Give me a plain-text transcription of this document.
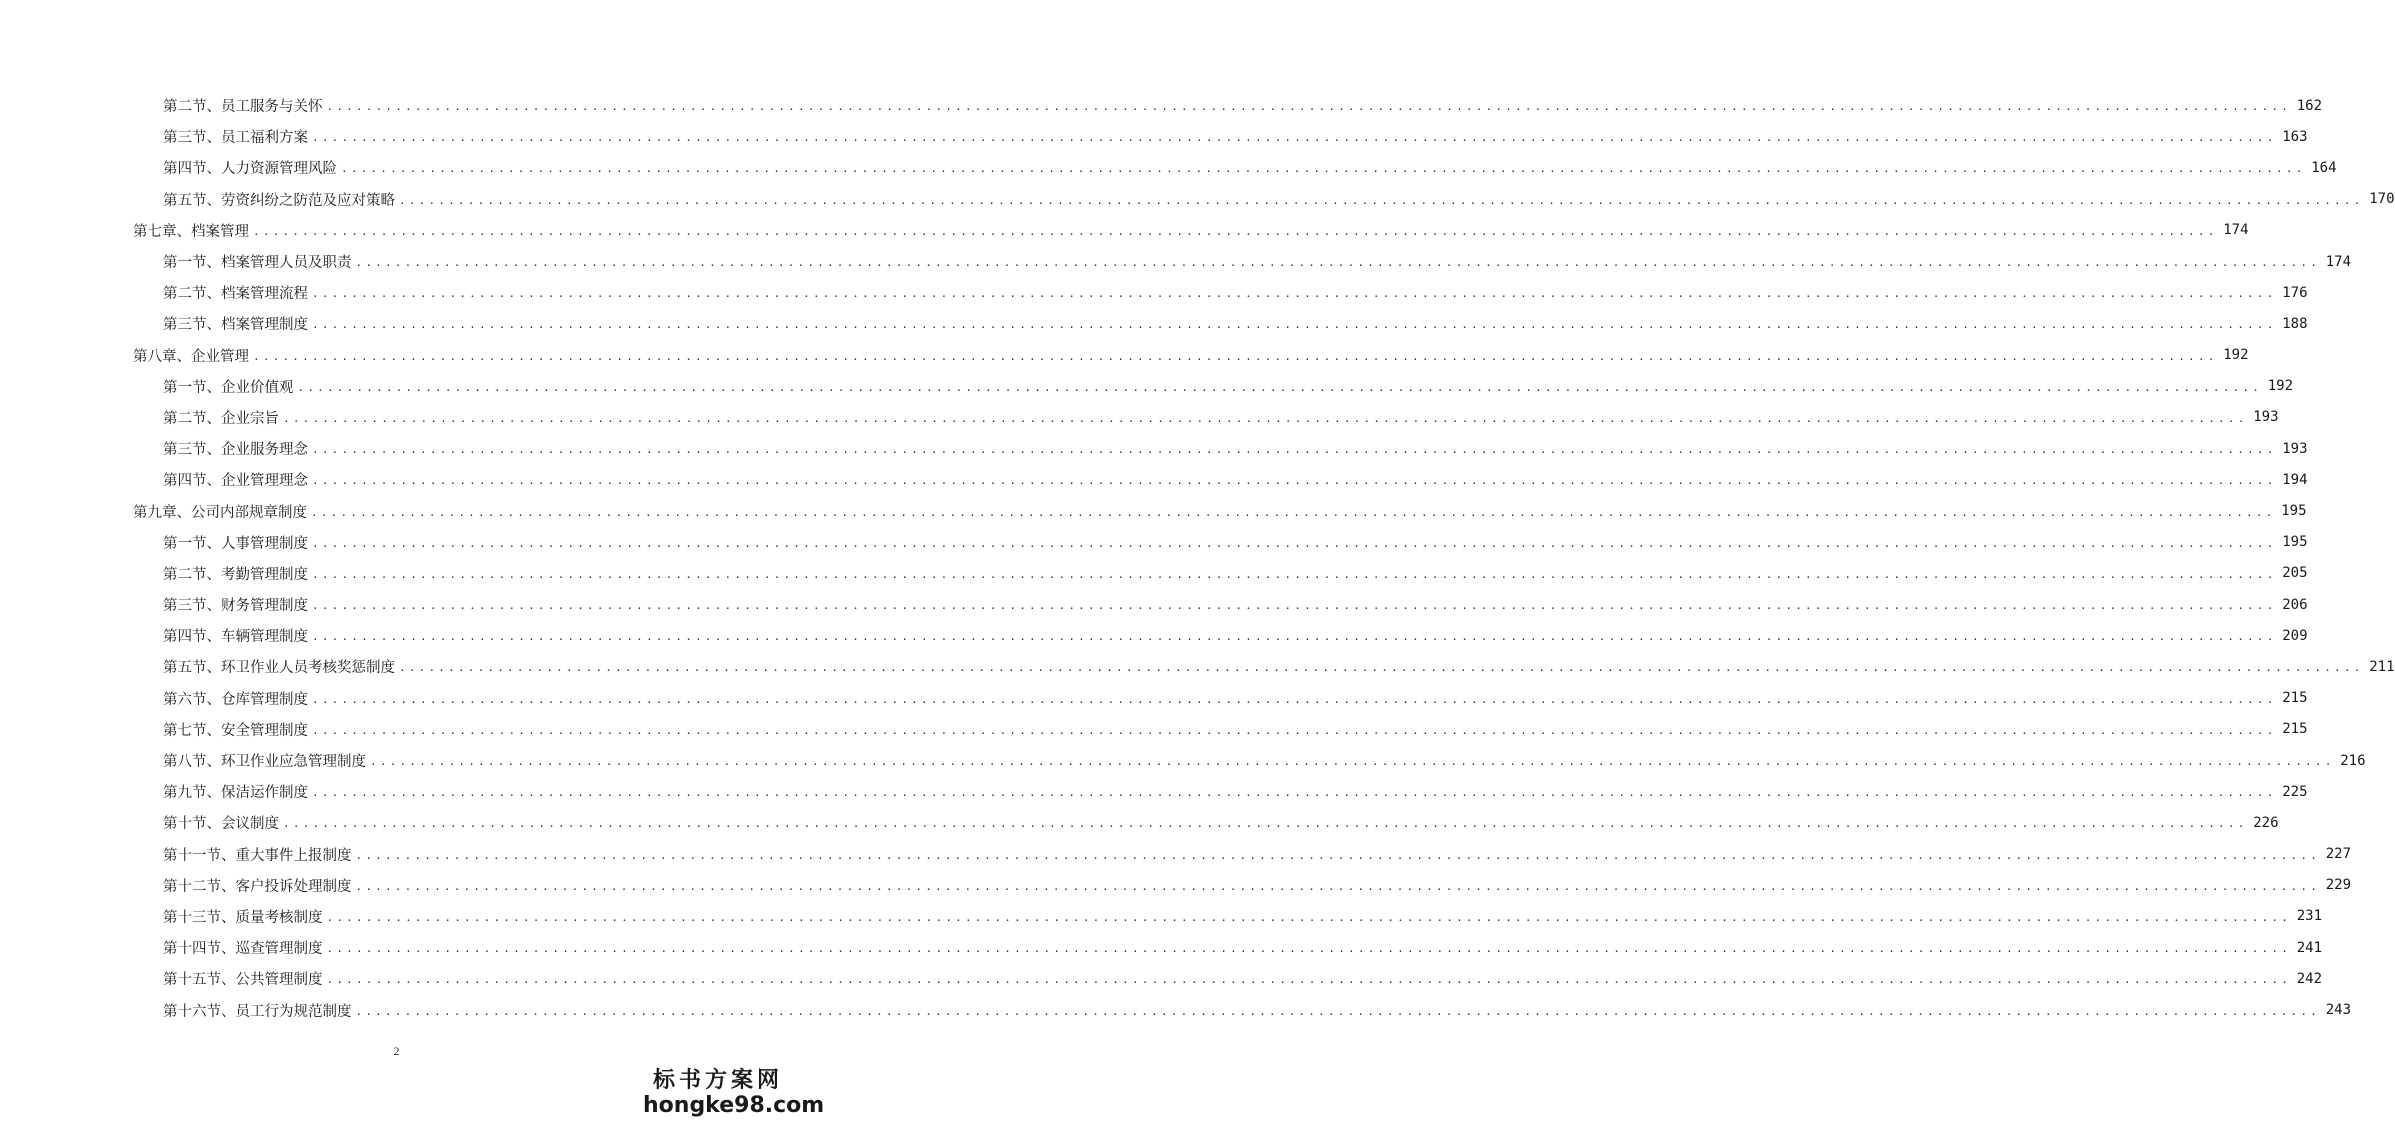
第二节、员工服务与关怀 ........................................................................................................................................................................................................ 162
第三节、员工福利方案 ........................................................................................................................................................................................................ 163
第四节、人力资源管理风险 ........................................................................................................................................................................................................ 164
第五节、劳资纠纷之防范及应对策略 ........................................................................................................................................................................................................ 170
第七章、档案管理 ........................................................................................................................................................................................................ 174
第一节、档案管理人员及职责 ........................................................................................................................................................................................................ 174
第二节、档案管理流程 ........................................................................................................................................................................................................ 176
第三节、档案管理制度 ........................................................................................................................................................................................................ 188
第八章、企业管理 ........................................................................................................................................................................................................ 192
第一节、企业价值观 ........................................................................................................................................................................................................ 192
第二节、企业宗旨 ........................................................................................................................................................................................................ 193
第三节、企业服务理念 ........................................................................................................................................................................................................ 193
第四节、企业管理理念 ........................................................................................................................................................................................................ 194
第九章、公司内部规章制度 ........................................................................................................................................................................................................ 195
第一节、人事管理制度 ........................................................................................................................................................................................................ 195
第二节、考勤管理制度 ........................................................................................................................................................................................................ 205
第三节、财务管理制度 ........................................................................................................................................................................................................ 206
第四节、车辆管理制度 ........................................................................................................................................................................................................ 209
第五节、环卫作业人员考核奖惩制度 ........................................................................................................................................................................................................ 211
第六节、仓库管理制度 ........................................................................................................................................................................................................ 215
第七节、安全管理制度 ........................................................................................................................................................................................................ 215
第八节、环卫作业应急管理制度 ........................................................................................................................................................................................................ 216
第九节、保洁运作制度 ........................................................................................................................................................................................................ 225
第十节、会议制度 ........................................................................................................................................................................................................ 226
第十一节、重大事件上报制度 ........................................................................................................................................................................................................ 227
第十二节、客户投诉处理制度 ........................................................................................................................................................................................................ 229
第十三节、质量考核制度 ........................................................................................................................................................................................................ 231
第十四节、巡查管理制度 ........................................................................................................................................................................................................ 241
第十五节、公共管理制度 ........................................................................................................................................................................................................ 242
第十六节、员工行为规范制度 ........................................................................................................................................................................................................ 243
2
标书方案网
hongke98.com
